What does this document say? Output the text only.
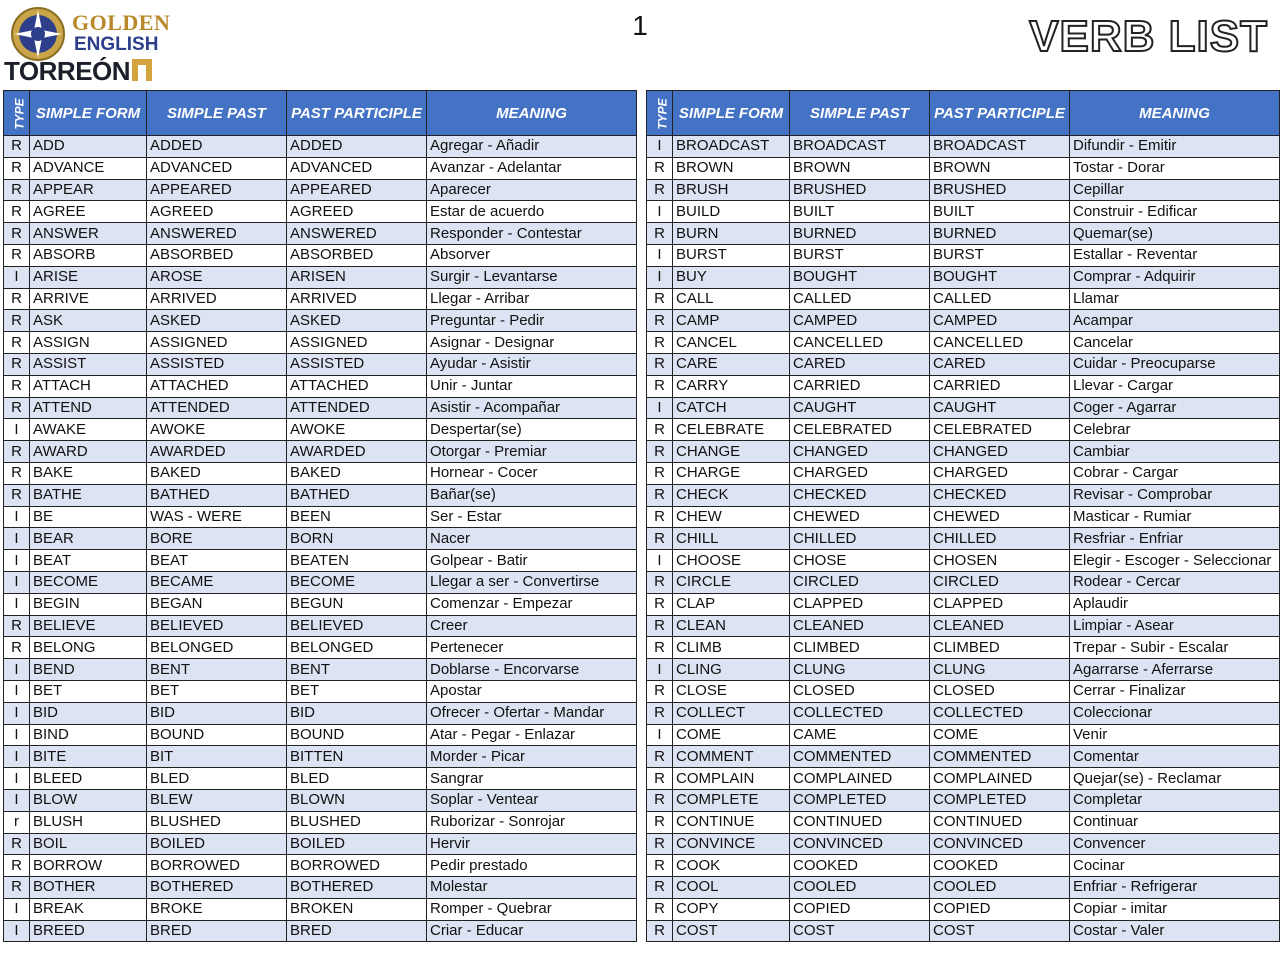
GOLDEN
ENGLISH
TORREÓN
1	VERB LIST
TYPE	SIMPLE FORM	SIMPLE PAST	PAST PARTICIPLE	MEANING
R	ADD	ADDED	ADDED	Agregar - Añadir
R	ADVANCE	ADVANCED	ADVANCED	Avanzar - Adelantar
R	APPEAR	APPEARED	APPEARED	Aparecer
R	AGREE	AGREED	AGREED	Estar de acuerdo
R	ANSWER	ANSWERED	ANSWERED	Responder - Contestar
R	ABSORB	ABSORBED	ABSORBED	Absorver
I	ARISE	AROSE	ARISEN	Surgir - Levantarse
R	ARRIVE	ARRIVED	ARRIVED	Llegar - Arribar
R	ASK	ASKED	ASKED	Preguntar - Pedir
R	ASSIGN	ASSIGNED	ASSIGNED	Asignar - Designar
R	ASSIST	ASSISTED	ASSISTED	Ayudar - Asistir
R	ATTACH	ATTACHED	ATTACHED	Unir - Juntar
R	ATTEND	ATTENDED	ATTENDED	Asistir - Acompañar
I	AWAKE	AWOKE	AWOKE	Despertar(se)
R	AWARD	AWARDED	AWARDED	Otorgar - Premiar
R	BAKE	BAKED	BAKED	Hornear - Cocer
R	BATHE	BATHED	BATHED	Bañar(se)
I	BE	WAS - WERE	BEEN	Ser - Estar
I	BEAR	BORE	BORN	Nacer
I	BEAT	BEAT	BEATEN	Golpear - Batir
I	BECOME	BECAME	BECOME	Llegar a ser - Convertirse
I	BEGIN	BEGAN	BEGUN	Comenzar - Empezar
R	BELIEVE	BELIEVED	BELIEVED	Creer
R	BELONG	BELONGED	BELONGED	Pertenecer
I	BEND	BENT	BENT	Doblarse - Encorvarse
I	BET	BET	BET	Apostar
I	BID	BID	BID	Ofrecer - Ofertar - Mandar
I	BIND	BOUND	BOUND	Atar - Pegar - Enlazar
I	BITE	BIT	BITTEN	Morder - Picar
I	BLEED	BLED	BLED	Sangrar
I	BLOW	BLEW	BLOWN	Soplar - Ventear
r	BLUSH	BLUSHED	BLUSHED	Ruborizar - Sonrojar
R	BOIL	BOILED	BOILED	Hervir
R	BORROW	BORROWED	BORROWED	Pedir prestado
R	BOTHER	BOTHERED	BOTHERED	Molestar
I	BREAK	BROKE	BROKEN	Romper - Quebrar
I	BREED	BRED	BRED	Criar - Educar
TYPE	SIMPLE FORM	SIMPLE PAST	PAST PARTICIPLE	MEANING
I	BROADCAST	BROADCAST	BROADCAST	Difundir - Emitir
R	BROWN	BROWN	BROWN	Tostar - Dorar
R	BRUSH	BRUSHED	BRUSHED	Cepillar
I	BUILD	BUILT	BUILT	Construir - Edificar
R	BURN	BURNED	BURNED	Quemar(se)
I	BURST	BURST	BURST	Estallar - Reventar
I	BUY	BOUGHT	BOUGHT	Comprar - Adquirir
R	CALL	CALLED	CALLED	Llamar
R	CAMP	CAMPED	CAMPED	Acampar
R	CANCEL	CANCELLED	CANCELLED	Cancelar
R	CARE	CARED	CARED	Cuidar - Preocuparse
R	CARRY	CARRIED	CARRIED	Llevar - Cargar
I	CATCH	CAUGHT	CAUGHT	Coger - Agarrar
R	CELEBRATE	CELEBRATED	CELEBRATED	Celebrar
R	CHANGE	CHANGED	CHANGED	Cambiar
R	CHARGE	CHARGED	CHARGED	Cobrar - Cargar
R	CHECK	CHECKED	CHECKED	Revisar - Comprobar
R	CHEW	CHEWED	CHEWED	Masticar - Rumiar
R	CHILL	CHILLED	CHILLED	Resfriar - Enfriar
I	CHOOSE	CHOSE	CHOSEN	Elegir - Escoger - Seleccionar
R	CIRCLE	CIRCLED	CIRCLED	Rodear - Cercar
R	CLAP	CLAPPED	CLAPPED	Aplaudir
R	CLEAN	CLEANED	CLEANED	Limpiar - Asear
R	CLIMB	CLIMBED	CLIMBED	Trepar - Subir - Escalar
I	CLING	CLUNG	CLUNG	Agarrarse - Aferrarse
R	CLOSE	CLOSED	CLOSED	Cerrar - Finalizar
R	COLLECT	COLLECTED	COLLECTED	Coleccionar
I	COME	CAME	COME	Venir
R	COMMENT	COMMENTED	COMMENTED	Comentar
R	COMPLAIN	COMPLAINED	COMPLAINED	Quejar(se) - Reclamar
R	COMPLETE	COMPLETED	COMPLETED	Completar
R	CONTINUE	CONTINUED	CONTINUED	Continuar
R	CONVINCE	CONVINCED	CONVINCED	Convencer
R	COOK	COOKED	COOKED	Cocinar
R	COOL	COOLED	COOLED	Enfriar - Refrigerar
R	COPY	COPIED	COPIED	Copiar - imitar
R	COST	COST	COST	Costar - Valer
